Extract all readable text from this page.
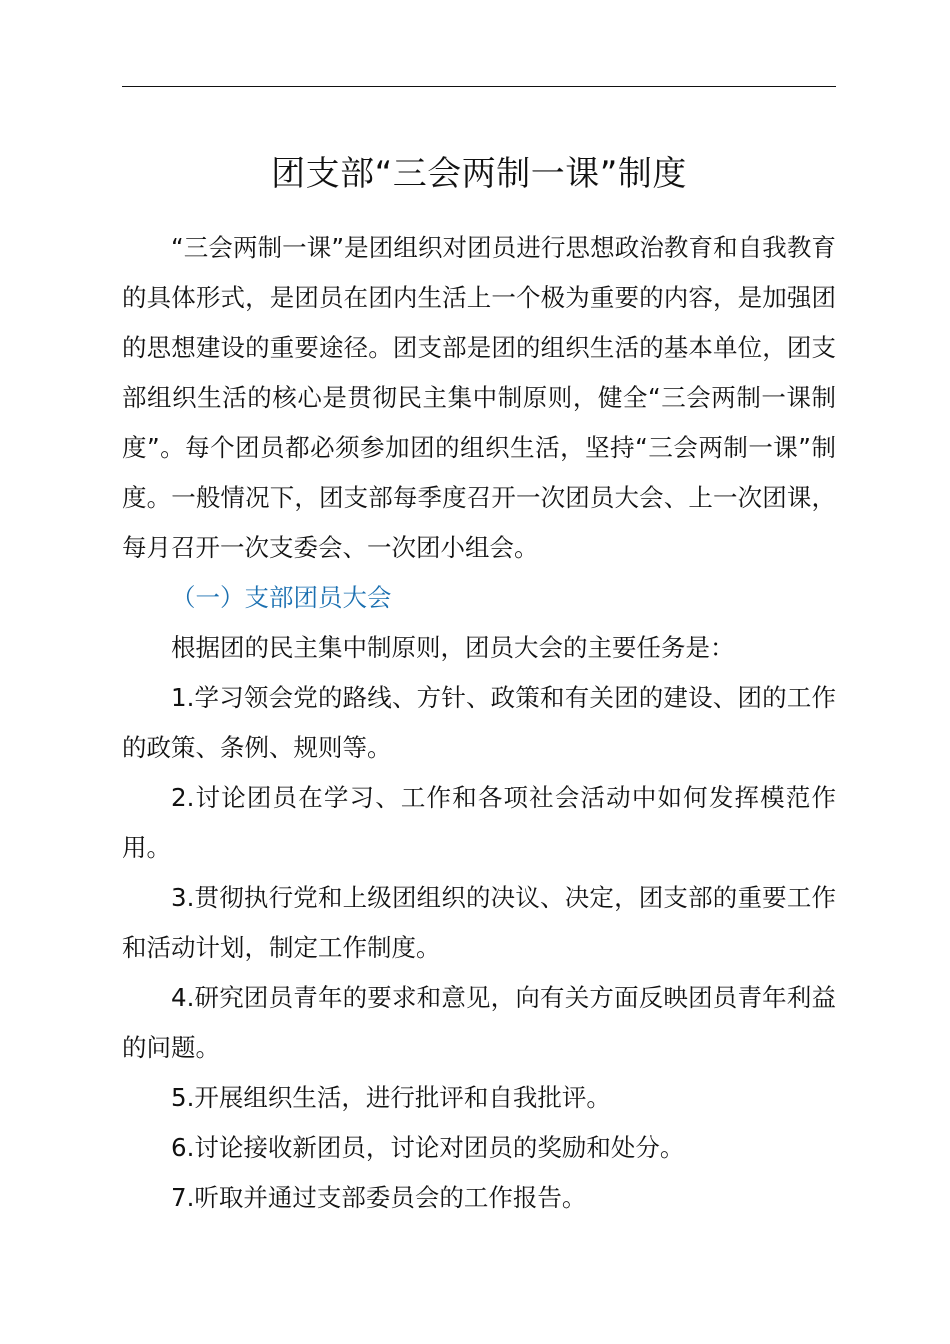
团支部“三会两制一课”制度

“三会两制一课”是团组织对团员进行思想政治教育和自我教育的具体形式，是团员在团内生活上一个极为重要的内容，是加强团的思想建设的重要途径。团支部是团的组织生活的基本单位，团支部组织生活的核心是贯彻民主集中制原则，健全“三会两制一课制度”。每个团员都必须参加团的组织生活，坚持“三会两制一课”制度。一般情况下，团支部每季度召开一次团员大会、上一次团课，每月召开一次支委会、一次团小组会。

（一）支部团员大会

根据团的民主集中制原则，团员大会的主要任务是：

1.学习领会党的路线、方针、政策和有关团的建设、团的工作的政策、条例、规则等。

2.讨论团员在学习、工作和各项社会活动中如何发挥模范作用。

3.贯彻执行党和上级团组织的决议、决定，团支部的重要工作和活动计划，制定工作制度。

4.研究团员青年的要求和意见，向有关方面反映团员青年利益的问题。

5.开展组织生活，进行批评和自我批评。

6.讨论接收新团员，讨论对团员的奖励和处分。

7.听取并通过支部委员会的工作报告。
